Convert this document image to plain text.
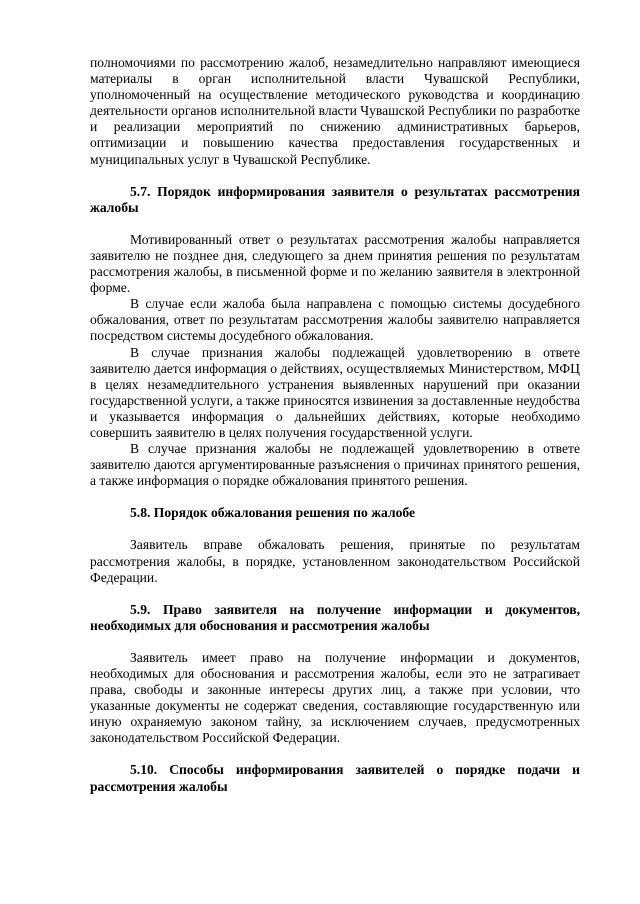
полномочиями по рассмотрению жалоб, незамедлительно направляют имеющиеся материалы в орган исполнительной власти Чувашской Республики, уполномоченный на осуществление методического руководства и координацию деятельности органов исполнительной власти Чувашской Республики по разработке и реализации мероприятий по снижению административных барьеров, оптимизации и повышению качества предоставления государственных и муниципальных услуг в Чувашской Республике.

5.7. Порядок информирования заявителя о результатах рассмотрения жалобы

Мотивированный ответ о результатах рассмотрения жалобы направляется заявителю не позднее дня, следующего за днем принятия решения по результатам рассмотрения жалобы, в письменной форме и по желанию заявителя в электронной форме.

В случае если жалоба была направлена с помощью системы досудебного обжалования, ответ по результатам рассмотрения жалобы заявителю направляется посредством системы досудебного обжалования.

В случае признания жалобы подлежащей удовлетворению в ответе заявителю дается информация о действиях, осуществляемых Министерством, МФЦ в целях незамедлительного устранения выявленных нарушений при оказании государственной услуги, а также приносятся извинения за доставленные неудобства и указывается информация о дальнейших действиях, которые необходимо совершить заявителю в целях получения государственной услуги.

В случае признания жалобы не подлежащей удовлетворению в ответе заявителю даются аргументированные разъяснения о причинах принятого решения, а также информация о порядке обжалования принятого решения.

5.8. Порядок обжалования решения по жалобе

Заявитель вправе обжаловать решения, принятые по результатам рассмотрения жалобы, в порядке, установленном законодательством Российской Федерации.

5.9. Право заявителя на получение информации и документов, необходимых для обоснования и рассмотрения жалобы

Заявитель имеет право на получение информации и документов, необходимых для обоснования и рассмотрения жалобы, если это не затрагивает права, свободы и законные интересы других лиц, а также при условии, что указанные документы не содержат сведения, составляющие государственную или иную охраняемую законом тайну, за исключением случаев, предусмотренных законодательством Российской Федерации.

5.10. Способы информирования заявителей о порядке подачи и рассмотрения жалобы
